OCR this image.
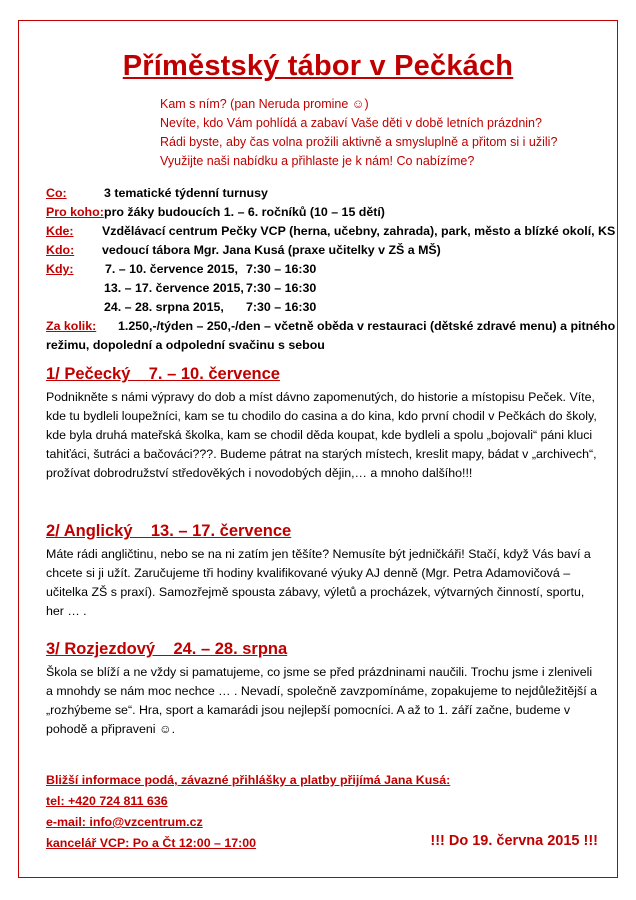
Příměstský tábor v Pečkách
Kam s ním? (pan Neruda promine ☺)
Nevíte, kdo Vám pohlídá a zabaví Vaše děti v době letních prázdnin?
Rádi byste, aby čas volna prožili aktivně a smysluplně a přitom si i užili?
Využijte naši nabídku a přihlaste je k nám! Co nabízíme?
Co:	3 tematické týdenní turnusy
Pro koho: pro žáky budoucích 1. – 6. ročníků (10 – 15 dětí)
Kde: Vzdělávací centrum Pečky VCP (herna, učebny, zahrada), park, město a blízké okolí, KS
Kdo: vedoucí tábora Mgr. Jana Kusá (praxe učitelky v ZŠ a MŠ)
Kdy:	7. – 10. července 2015, 7:30 – 16:30
13. – 17. července 2015, 7:30 – 16:30
24. – 28. srpna 2015, 7:30 – 16:30
Za kolik: 1.250,-/týden – 250,-/den – včetně oběda v restauraci (dětské zdravé menu) a pitného
režimu, dopolední a odpolední svačinu s sebou
1/ Pečecký    7. – 10. července
Podnikněte s námi výpravy do dob a míst dávno zapomenutých, do historie a místopisu Peček. Víte, kde tu bydleli loupežníci, kam se tu chodilo do casina a do kina, kdo první chodil v Pečkách do školy, kde byla druhá mateřská školka, kam se chodil děda koupat, kde bydleli a spolu „bojovali“ páni kluci tahiťáci, šutráci a bačováci???. Budeme pátrat na starých místech, kreslit mapy, bádat v „archivech“, prožívat dobrodružství středověkých i novodobých dějin,… a mnoho dalšího!!!
2/ Anglický    13. – 17. července
Máte rádi angličtinu, nebo se na ni zatím jen těšíte? Nemusíte být jedničkáři! Stačí, když Vás baví a chcete si ji užít. Zaručujeme tři hodiny kvalifikované výuky AJ denně (Mgr. Petra Adamovičová – učitelka ZŠ s praxí). Samozřejmě spousta zábavy, výletů a procházek, výtvarných činností, sportu, her … .
3/ Rozjezdový    24. – 28. srpna
Škola se blíží a ne vždy si pamatujeme, co jsme se před prázdninami naučili. Trochu jsme i zleniveli a mnohdy se nám moc nechce … . Nevadí, společně zavzpomínáme, zopakujeme to nejdůležitější a „rozhýbeme se“. Hra, sport a kamarádi jsou nejlepší pomocníci. A až to 1. září začne, budeme v pohodě a připraveni ☺.
Bližší informace podá, závazné přihlášky a platby přijímá Jana Kusá:
tel: +420 724 811 636
e-mail: info@vzcentrum.cz
kancelář VCP: Po a Čt 12:00 – 17:00	!!! Do 19. června 2015 !!!
